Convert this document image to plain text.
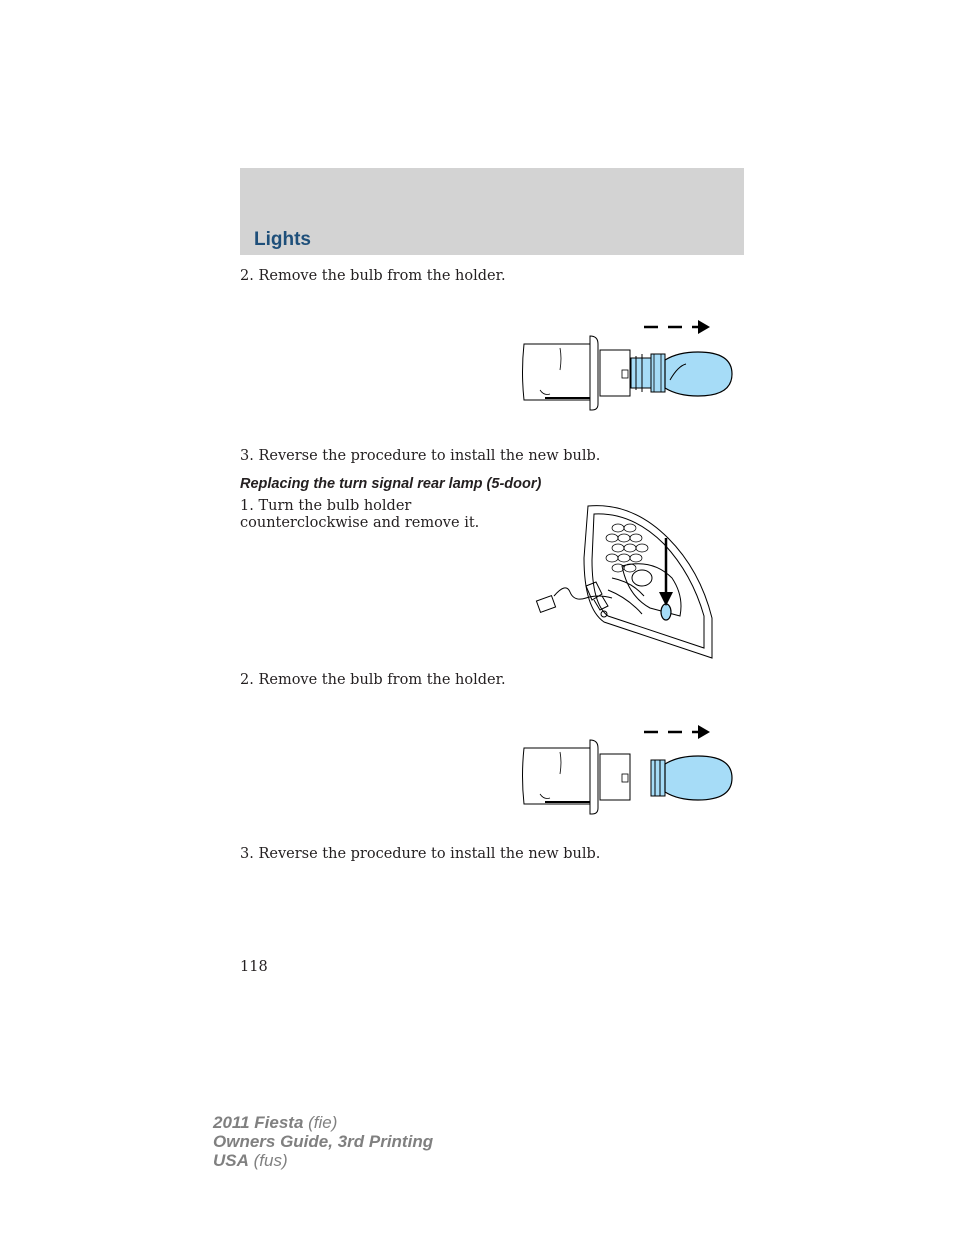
Lights
2. Remove the bulb from the holder.
3. Reverse the procedure to install the new bulb.
Replacing the turn signal rear lamp (5-door)
1. Turn the bulb holder
counterclockwise and remove it.
2. Remove the bulb from the holder.
3. Reverse the procedure to install the new bulb.
118
2011 Fiesta (fie)
Owners Guide, 3rd Printing
USA (fus)
